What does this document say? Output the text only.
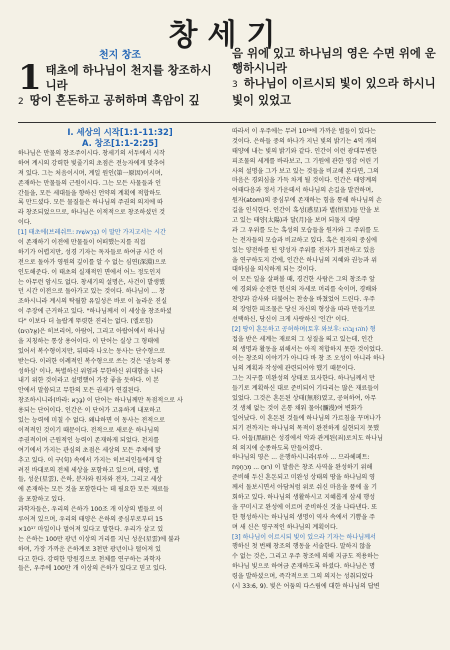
창세기
천지 창조
1 태초에 하나님이 천지를 창조하시니라
2 땅이 혼돈하고 공허하며 흑암이 깊
음 위에 있고 하나님의 영은 수면 위에 운행하시니라
3 하나님이 이르시되 빛이 있으라 하시니 빛이 있었고
I. 세상의 시작[1:1-11:32]
A. 창조[1:1-2:25]
하나님은 만물의 창조주이시다. 창세기의 서두에서 시작
하여 계시의 강력한 빛줄기의 초점은 전능자에게 맞추어
져 있다. 그는 처음이시며, 계일 원인(第一原因)이시며,
존재하는 만물들의 근원이시다. 그는 모든 사물들과 인
간들을, 모든 세대들을 향하신 언약의 계획에 적합하도
록 만드셨다. 모든 물질들은 하나님의 주권의 의지에 따
라 창조되었으므로, 하나님은 이적적으로 창조하셨던 것
이다.
[1] 태초에(브레쉬트: בְּרֵאשִׁית) 이 말만 가지고서는 시간
이 존재하기 이전에 만물들이 어떠했는지를 직접
하기가 어렵지만, 성경 기자는 독자들로 하여금 시간 이
전으로 돌아가 영원의 깊이를 알 수 없는 심연(深淵)으로
인도해준다. 이 태초의 실재적인 면에서 어느 정도인지
는 아무런 암시도 없다. 창세기의 설명은, 사건이 발생했
던 시간 이전으로 돌아가고 있는 것이다. 하나님이 ... 창
조하시니라 계시의 탁월함 유일성은 바로 이 놀라운 진실
이 주장에 근거하고 있다. "하나님께서 이 세상을 창조하셨
다" 이보다 더 놀랍게 뚜렷한 진리는 없다. (엘로힘)
(אֱלֹהִים)은 히브리어, 아람어, 그리고 아랍어에서 하나님
을 지칭하는 통상 용어이다. 이 단어는 실상 그 형태에
있어서 복수형이지만, 뒤따라 나오는 동사는 단수형으로
받는다. 이러한 이례적인 복수형으로 쓰는 것은 '권능의 풍
성하심' 이나, 특별하신 위엄과 무한하신 위대함을 나타
내기 위한 것이라고 설명했어 가장 좋을 듯하다. 이 본
안에서 말씀되고 무한의 모든 권세가 연결된다.
창조하시니라(바라: בָּרָא) 이 단어는 하나님께만 독점적으로 사
용되는 단어이다. 인간은 이 단어가 고유하게 내포하고
있는 능력에 미칠 수 없다. 왜냐하면 이 동사는 전적으로
이적적인 것이기 때문이다. 전적으로 새로운 하나님의
주권적이며 근원적인 능력이 존재하게 되었다. 천지를
여기에서 가지는 관심의 초점은 세상의 모든 주체에 맞
추고 있다. 이 구(句) 속에서 가지는 히브리인들에게 알
려진 바대로의 전체 세상을 포함하고 있으며, 태양, 별
들, 성운(星雲), 은하, 분자와 원자와 전자, 그리고 세상
에 존재하는 모든 것을 포함한다는 데 필요한 모든 재료들
을 포함하고 있다.
과학자들은, 우리의 은하가 100조 개 이상의 별들로 이
루어져 있으며, 우리의 태양은 은하의 중심부로부터 15
×10¹⁷ 마일이나 멀어져 있다고 말한다. 우리가 살고 있
는 은하는 100만 광년 이상의 거리를 지닌 성운(星雲)에 불과
하며, 가장 가까운 은하계로 3천만 광년이나 떨어져 있
다고 한다. 강력한 망원경으로 천체를 연구하는 과학자
들은, 우주에 100만 개 이상의 은하가 있다고 믿고 있다.
따라서 이 우주에는 무려 10²⁴에 가까운 별들이 있다는
것이다. 은하들 중의 하나가 지닌 빛의 밝기는 4억 개의
태양에 내는 빛의 밝기와 같다. 인간이 이런 광대무변한
피조물의 세계를 바라보고, 그 기원에 관한 영감 어린 기
사의 설명을 그가 보고 있는 것들을 비교해 본다면, 그의
마음은 경외심을 가득 차게 될 것이다. 인간은 태양계의
어태다음과 정서 가운데서 하나님의 손길을 발견하며,
원자(atom)의 중심부에 존재하는 힘을 통해 하나님의 손
길을 인식한다. 인간이 혹성(惑星)과 별(恒星)들 만을 보
고 있는 태양(太陽)과 달(月)을 보며 되돌지 대량
과 그 우위를 도는 혹성의 모습들을 원자와 그 주위를 도
는 전자들의 모습과 비교하고 있다. 혹은 원자의 중심에
있는 양전하를 띤 양성자 주위를 전자가 회전하고 있음
을 연구하도지 간에, 인간은 하나님의 지혜와 권능과 위
대하심을 의식하게 되는 것이다.
이 모든 일을 살펴볼 때, 경건한 사람은 그의 창조주 앞
에 경외와 순전한 헌신의 자세로 머리를 숙이며, 경배와
찬양과 감사와 더불어는 찬송을 바쳤었어 드린다. 우주
의 장엄한 피조물은 당신 자신의 형상을 따라 만들기로
선택하신, 당신이 크게 사랑하신 '인간' 이다.
[2] 땅이 혼돈하고 공허하며(토후 와보후: תֹהוּ וָבֹהוּ) 형
접을 받은 세계는 재료의 그 성질을 띄고 있는데, 인간
의 생명과 활동을 위해서는 아직 적합하지 못한 것이었다.
이는 창조의 이야기가 아니다 바 창 조 오성이 아니라 하나
님의 계획과 작성에 관련되어야 했기 때문이다.
그는 지구를 미완성의 상태로 묘사한다. 하나님께서 만
들기로 계획하신 대로 준비되어 기다리는 많은 재료들이
있었다. 그것은 혼돈된 상태(無形)였고, 공허하여, 아무
것 생체 없는 것이 온통 채워 물아(瀰漫)여 변화가
일어났다. 이 혼돈된 것들에 하나님의 가르침을 꾸며나가
되기 전까지는 하나님의 목적이 완전하게 실현되지 못했
다. 어둡(黑暗)은 성경에서 악과 관계된(죄)로치도 하나님
의 의지에 순종하도록 만들어졌다.
하나님의 영은 ... 운행하시니라(루아 ... 므라헤페트:
רוּחַ ... מְרַחֶפֶת) 이 말씀은 창조 사역을 완성하기 위해
준비해 두신 혼돈되고 미완성 상태의 땅을 하나님의 영
께서 돌보시면서 아담처럼 위로 쉬신 마음을 품에 울 기
회하고 있다. 하나님의 생활하시고 지혜롭게 삼세 행성
을 꾸미시고 완성에 이르며 준비하신 것을 나타낸다. 또
한 형성하시는 하나님의 생명이 역사 속에서 기쁨을 주
며 새 신은 영구적인 하나님의 계획이다.
[3] 하나님이 이르시되 빛이 있으라 기자는 하나님께서
행하신 첫 번째 창조의 행동을 서술한다. 말하지 않을
수 없는 것은, 그리고 우주 창조에 의해 지금도 적용하는
하나님 빛으로 하여금 존재하도록 하셨다. 하나님은 명
령을 발하셨으며, 즉각적으로 그의 의지는 성취되었다
(시 33:6, 9). 빛은 어둠의 다스림에 대한 하나님의 답변
